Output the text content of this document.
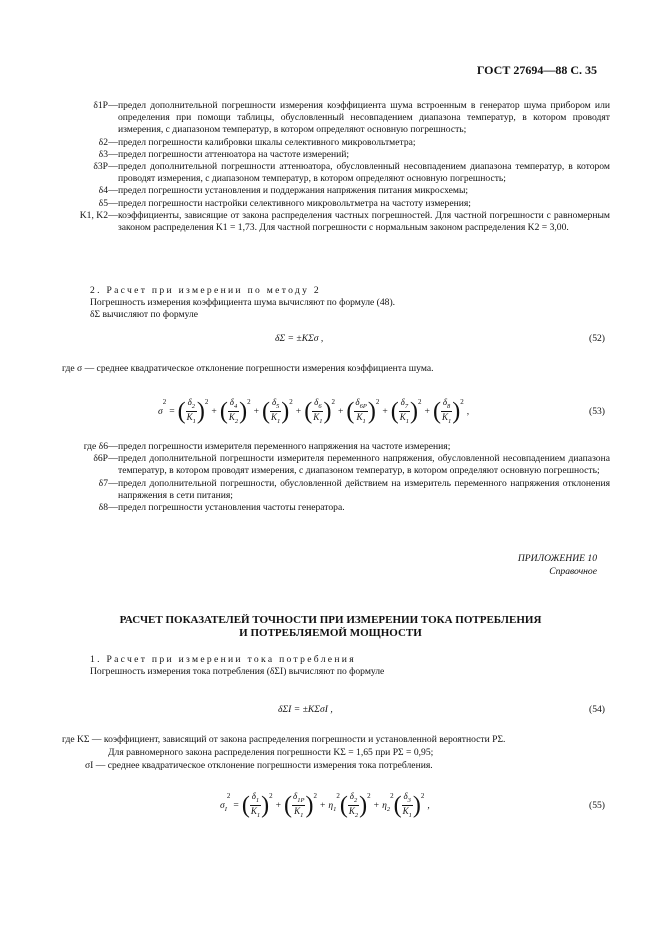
ГОСТ 27694—88 С. 35
δ1P — предел дополнительной погрешности измерения коэффициента шума встроенным в генератор шума прибором или определения при помощи таблицы, обусловленный несовпадением диапазона температур, в котором проводят измерения, с диапазоном температур, в котором определяют основную погрешность;
δ2 — предел погрешности калибровки шкалы селективного микровольтметра;
δ3 — предел погрешности аттенюатора на частоте измерений;
δ3P — предел дополнительной погрешности аттенюатора, обусловленный несовпадением диапазона температур, в котором проводят измерения, с диапазоном температур, в котором определяют основную погрешность;
δ4 — предел погрешности установления и поддержания напряжения питания микросхемы;
δ5 — предел погрешности настройки селективного микровольтметра на частоту измерения;
K1, K2 — коэффициенты, зависящие от закона распределения частных погрешностей. Для частной погрешности с равномерным законом распределения K1 = 1,73. Для частной погрешности с нормальным законом распределения K2 = 3,00.
2. Расчет при измерении по методу 2
Погрешность измерения коэффициента шума вычисляют по формуле (48).
δΣ вычисляют по формуле
δΣ = ±KΣσ ,	(52)
где σ — среднее квадратическое отклонение погрешности измерения коэффициента шума.
$\sigma^2=$ ( $\frac{\delta_2}{K_1} )^2+$ ( $\frac{\delta_4}{K_2} )^2+$ ( $\frac{\delta_5}{K_1} )^2+$ ( $\frac{\delta_6}{K_1} )^2+$ ( $\frac{\delta_{6P}}{K_1} )^2+$ ( $\frac{\delta_7}{K_1} )^2+$ ( $\frac{\delta_8}{K_1} )^2$,	(53)
где δ6 — предел погрешности измерителя переменного напряжения на частоте измерения;
δ6P — предел дополнительной погрешности измерителя переменного напряжения, обусловленной несовпадением диапазона температур, в котором проводят измерения, с диапазоном температур, в котором определяют основную погрешность;
δ7 — предел дополнительной погрешности, обусловленной действием на измеритель переменного напряжения отклонения напряжения в сети питания;
δ8 — предел погрешности установления частоты генератора.
ПРИЛОЖЕНИЕ 10
Справочное
РАСЧЕТ ПОКАЗАТЕЛЕЙ ТОЧНОСТИ ПРИ ИЗМЕРЕНИИ ТОКА ПОТРЕБЛЕНИЯ
И ПОТРЕБЛЯЕМОЙ МОЩНОСТИ
1. Расчет при измерении тока потребления
Погрешность измерения тока потребления (δΣI) вычисляют по формуле
δΣI = ±KΣσI ,	(54)
где KΣ — коэффициент, зависящий от закона распределения погрешности и установленной вероятности PΣ.
Для равномерного закона распределения погрешности KΣ = 1,65 при PΣ = 0,95;
σI — среднее квадратическое отклонение погрешности измерения тока потребления.
$\sigma_I^2=$ ( $\frac{\delta_1}{K_1} )^2+$ ( $\frac{\delta_{1P}}{K_1} )^2+ \eta_1^2( \frac{\delta_2}{K_2} )^2+ \eta_2^2( \frac{\delta_3}{K_1} )^2$,	(55)
